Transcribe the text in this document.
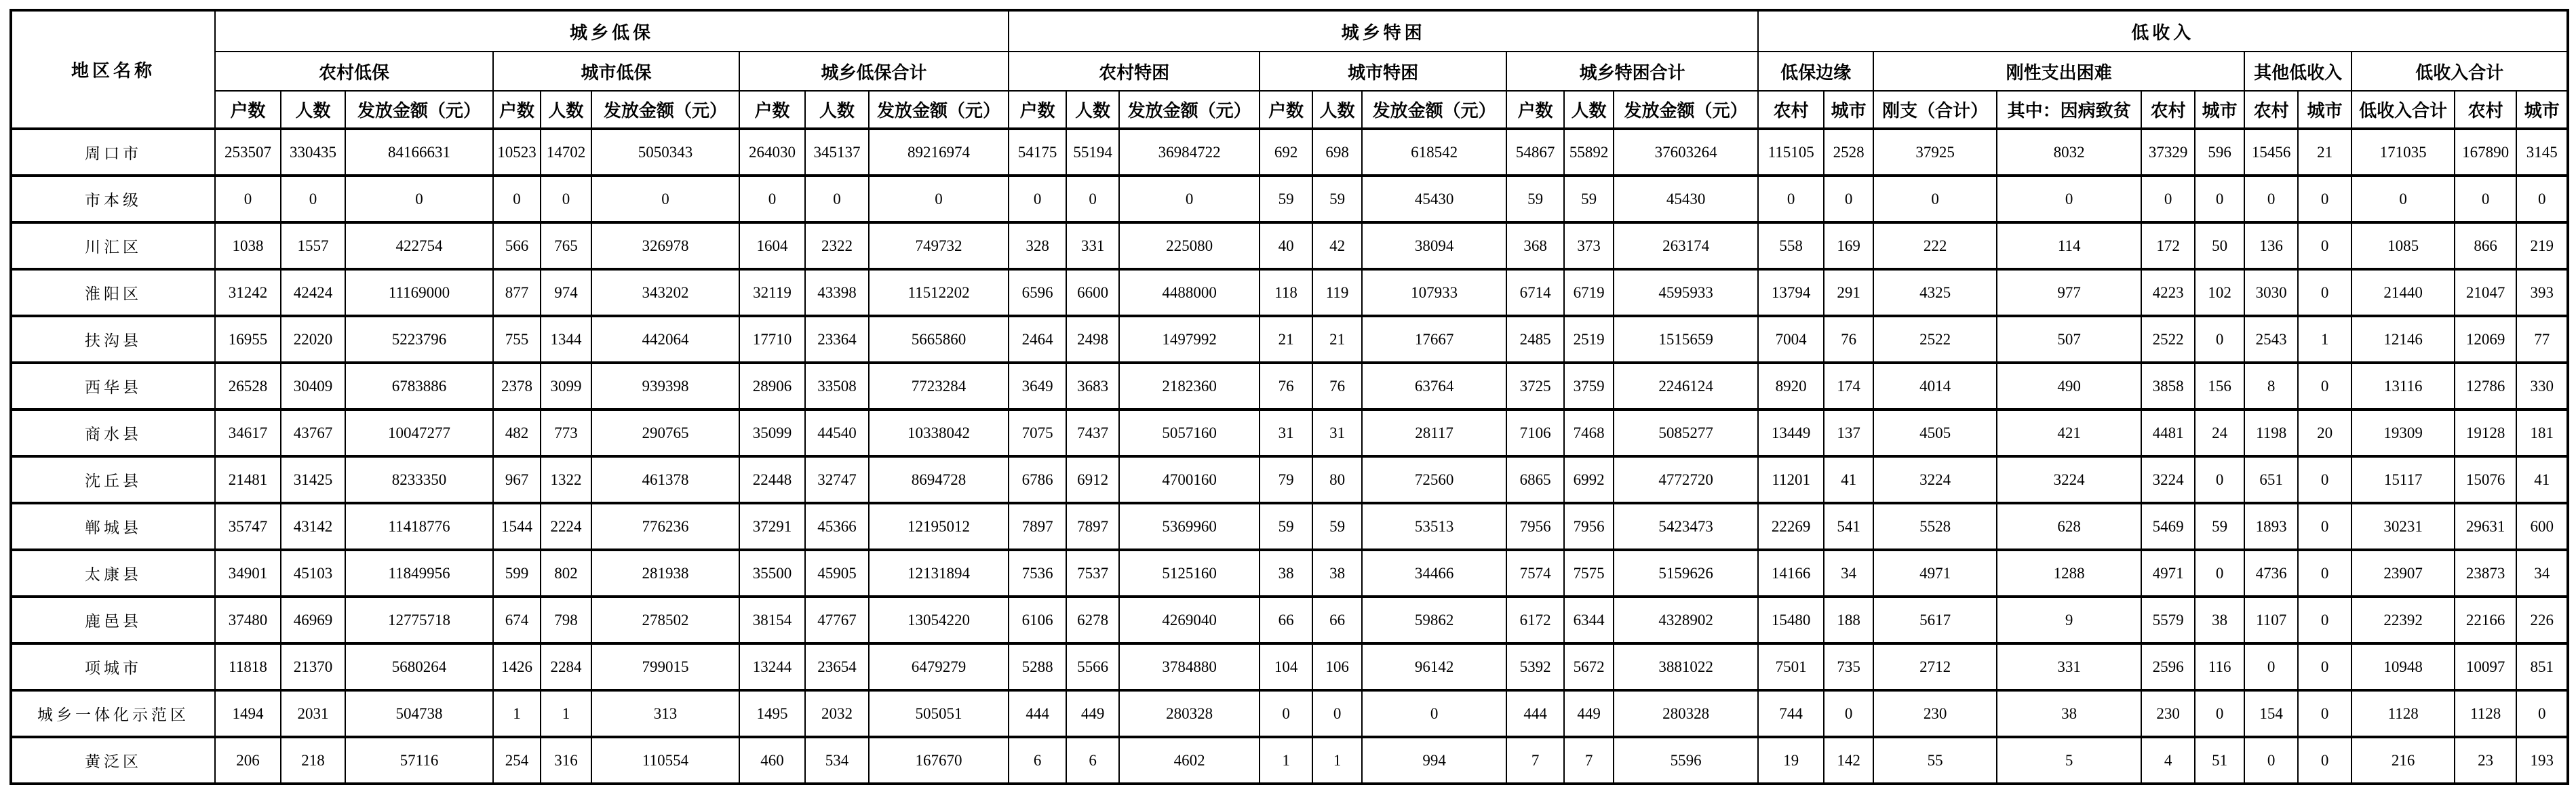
地区名称	城乡低保									城乡特困									低收入										
	农村低保			城市低保			城乡低保合计			农村特困			城市特困			城乡特困合计			低保边缘		刚性支出困难				其他低收入		低收入合计		
	户数	人数	发放金额（元）	户数	人数	发放金额（元）	户数	人数	发放金额（元）	户数	人数	发放金额（元）	户数	人数	发放金额（元）	户数	人数	发放金额（元）	农村	城市	刚支（合计）	其中：因病致贫	农村	城市	农村	城市	低收入合计	农村	城市
周口市	253507	330435	84166631	10523	14702	5050343	264030	345137	89216974	54175	55194	36984722	692	698	618542	54867	55892	37603264	115105	2528	37925	8032	37329	596	15456	21	171035	167890	3145
市本级	0	0	0	0	0	0	0	0	0	0	0	0	59	59	45430	59	59	45430	0	0	0	0	0	0	0	0	0	0	0
川汇区	1038	1557	422754	566	765	326978	1604	2322	749732	328	331	225080	40	42	38094	368	373	263174	558	169	222	114	172	50	136	0	1085	866	219
淮阳区	31242	42424	11169000	877	974	343202	32119	43398	11512202	6596	6600	4488000	118	119	107933	6714	6719	4595933	13794	291	4325	977	4223	102	3030	0	21440	21047	393
扶沟县	16955	22020	5223796	755	1344	442064	17710	23364	5665860	2464	2498	1497992	21	21	17667	2485	2519	1515659	7004	76	2522	507	2522	0	2543	1	12146	12069	77
西华县	26528	30409	6783886	2378	3099	939398	28906	33508	7723284	3649	3683	2182360	76	76	63764	3725	3759	2246124	8920	174	4014	490	3858	156	8	0	13116	12786	330
商水县	34617	43767	10047277	482	773	290765	35099	44540	10338042	7075	7437	5057160	31	31	28117	7106	7468	5085277	13449	137	4505	421	4481	24	1198	20	19309	19128	181
沈丘县	21481	31425	8233350	967	1322	461378	22448	32747	8694728	6786	6912	4700160	79	80	72560	6865	6992	4772720	11201	41	3224	3224	3224	0	651	0	15117	15076	41
郸城县	35747	43142	11418776	1544	2224	776236	37291	45366	12195012	7897	7897	5369960	59	59	53513	7956	7956	5423473	22269	541	5528	628	5469	59	1893	0	30231	29631	600
太康县	34901	45103	11849956	599	802	281938	35500	45905	12131894	7536	7537	5125160	38	38	34466	7574	7575	5159626	14166	34	4971	1288	4971	0	4736	0	23907	23873	34
鹿邑县	37480	46969	12775718	674	798	278502	38154	47767	13054220	6106	6278	4269040	66	66	59862	6172	6344	4328902	15480	188	5617	9	5579	38	1107	0	22392	22166	226
项城市	11818	21370	5680264	1426	2284	799015	13244	23654	6479279	5288	5566	3784880	104	106	96142	5392	5672	3881022	7501	735	2712	331	2596	116	0	0	10948	10097	851
城乡一体化示范区	1494	2031	504738	1	1	313	1495	2032	505051	444	449	280328	0	0	0	444	449	280328	744	0	230	38	230	0	154	0	1128	1128	0
黄泛区	206	218	57116	254	316	110554	460	534	167670	6	6	4602	1	1	994	7	7	5596	19	142	55	5	4	51	0	0	216	23	193
